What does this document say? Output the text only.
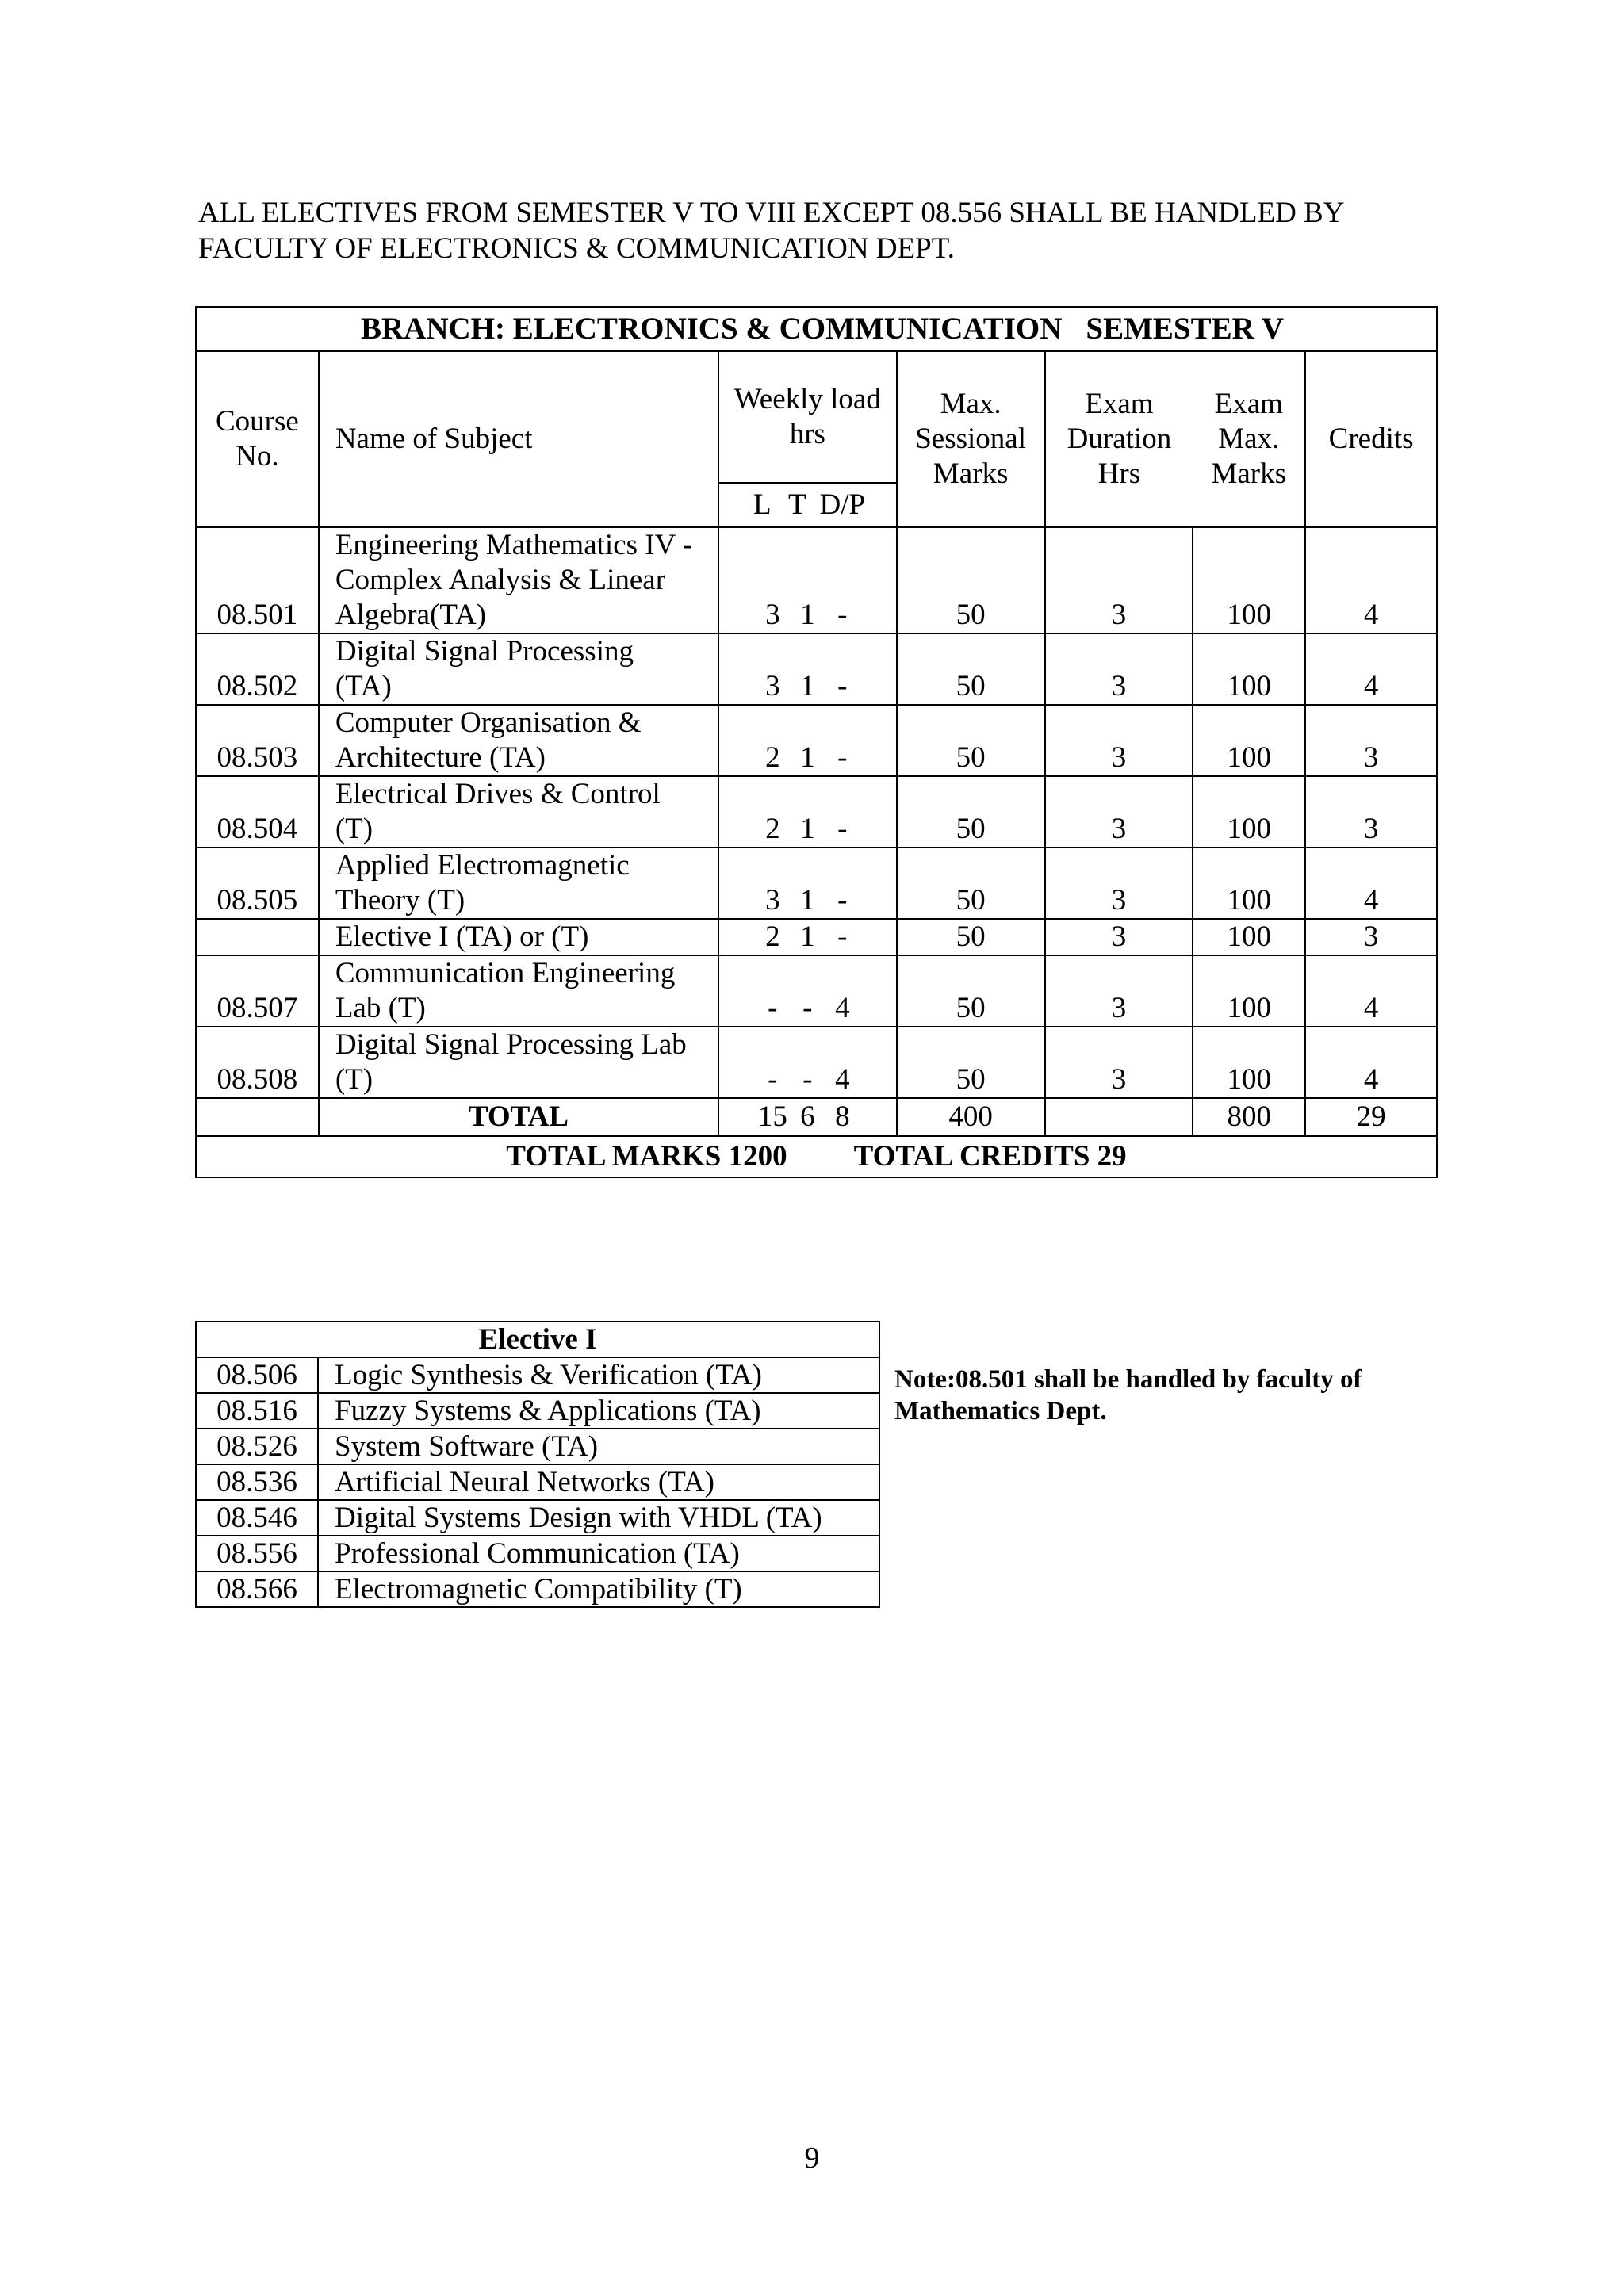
ALL ELECTIVES FROM SEMESTER V TO VIII EXCEPT 08.556 SHALL BE HANDLED BY
FACULTY OF ELECTRONICS & COMMUNICATION DEPT.
BRANCH: ELECTRONICS & COMMUNICATION SEMESTER V						
Course No.	Name of Subject	Weekly load hrs	Max. Sessional Marks	Exam Duration Hrs	Exam Max. Marks	Credits
		L T D/P				
08.501	Engineering Mathematics IV -
Complex Analysis & Linear
Algebra(TA)	3 1 -	50	3	100	4
08.502	Digital Signal Processing
(TA)	3 1 -	50	3	100	4
08.503	Computer Organisation &
Architecture (TA)	2 1 -	50	3	100	3
08.504	Electrical Drives & Control
(T)	2 1 -	50	3	100	3
08.505	Applied Electromagnetic
Theory (T)	3 1 -	50	3	100	4

	Elective I (TA) or (T)	2 1 -	50	3	100	3
08.507	Communication Engineering
Lab (T)	- - 4	50	3	100	4
08.508	Digital Signal Processing Lab
(T)	- - 4	50	3	100	4
	TOTAL	15 6 8	400		800	29
TOTAL MARKS 1200 TOTAL CREDITS 29						
Elective I	
08.506	Logic Synthesis & Verification (TA)
08.516	Fuzzy Systems & Applications (TA)
08.526	System Software (TA)
08.536	Artificial Neural Networks (TA)
08.546	Digital Systems Design with VHDL (TA)
08.556	Professional Communication (TA)
08.566	Electromagnetic Compatibility (T)
Note:08.501 shall be handled by faculty of
Mathematics Dept.
9
